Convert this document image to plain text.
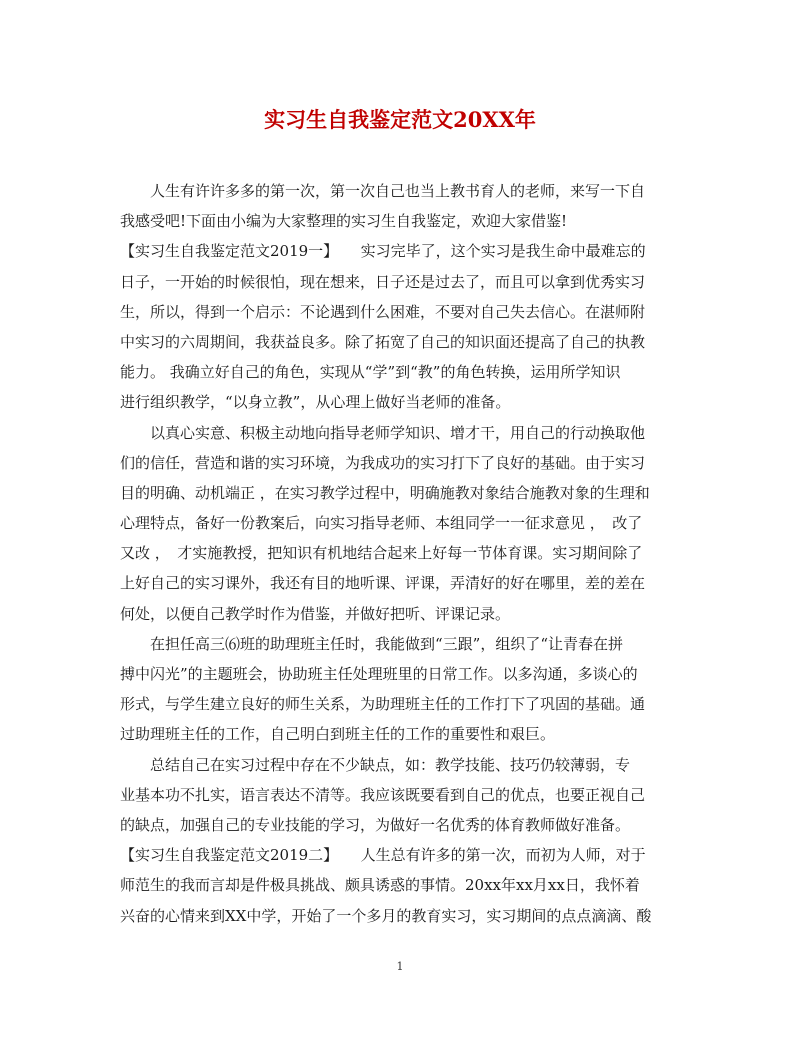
实习生自我鉴定范文20XX年
　　人生有许许多多的第一次，第一次自己也当上教书育人的老师，来写一下自
我感受吧!下面由小编为大家整理的实习生自我鉴定，欢迎大家借鉴!
【实习生自我鉴定范文2019一】　　实习完毕了，这个实习是我生命中最难忘的
日子，一开始的时候很怕，现在想来，日子还是过去了，而且可以拿到优秀实习
生，所以，得到一个启示：不论遇到什么困难，不要对自己失去信心。在湛师附
中实习的六周期间，我获益良多。除了拓宽了自己的知识面还提高了自己的执教
能力。 我确立好自己的角色，实现从“学”到“教”的角色转换，运用所学知识
进行组织教学，“以身立教”，从心理上做好当老师的准备。
　　以真心实意、积极主动地向指导老师学知识、增才干，用自己的行动换取他
们的信任，营造和谐的实习环境，为我成功的实习打下了良好的基础。由于实习
目的明确、动机端正 ，在实习教学过程中，明确施教对象结合施教对象的生理和
心理特点，备好一份教案后，向实习指导老师、本组同学一一征求意见 ，　改了
又改 ，　才实施教授，把知识有机地结合起来上好每一节体育课。实习期间除了
上好自己的实习课外，我还有目的地听课、评课，弄清好的好在哪里，差的差在
何处，以便自己教学时作为借鉴，并做好把听、评课记录。
　　在担任高三⑹班的助理班主任时，我能做到“三跟”，组织了“让青春在拼
搏中闪光”的主题班会，协助班主任处理班里的日常工作。以多沟通，多谈心的
形式，与学生建立良好的师生关系，为助理班主任的工作打下了巩固的基础。通
过助理班主任的工作，自己明白到班主任的工作的重要性和艰巨。
　　总结自己在实习过程中存在不少缺点，如：教学技能、技巧仍较薄弱，专
业基本功不扎实，语言表达不清等。我应该既要看到自己的优点，也要正视自己
的缺点，加强自己的专业技能的学习，为做好一名优秀的体育教师做好准备。
【实习生自我鉴定范文2019二】　　人生总有许多的第一次，而初为人师，对于
师范生的我而言却是件极具挑战、颇具诱惑的事情。20xx年xx月xx日，我怀着
兴奋的心情来到XX中学，开始了一个多月的教育实习，实习期间的点点滴滴、酸
1
